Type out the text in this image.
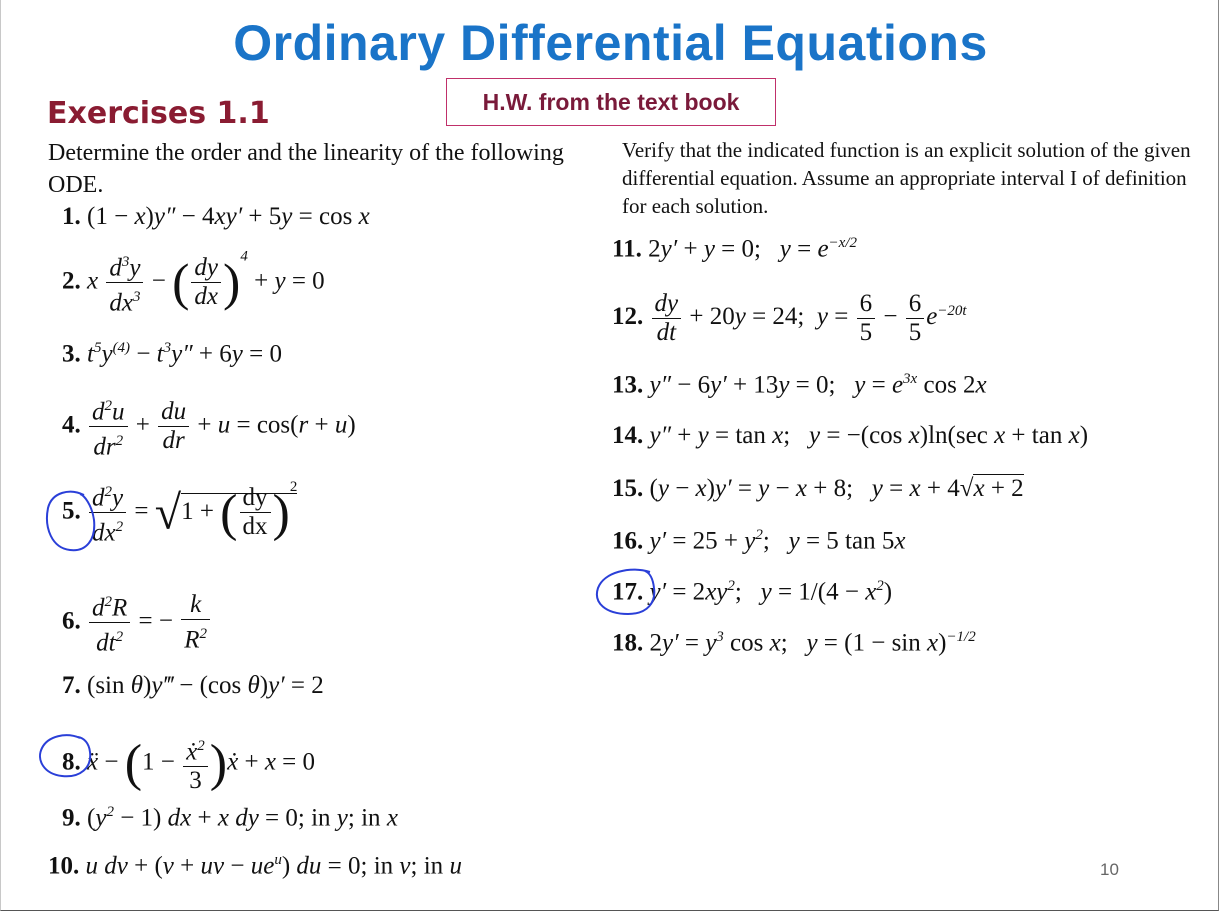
Ordinary Differential Equations
H.W. from the text book
Exercises 1.1
Determine the order and the linearity of the following ODE.
Verify that the indicated function is an explicit solution of the given differential equation. Assume an appropriate interval I of definition for each solution.
1. (1 − x)y″ − 4xy′ + 5y = cos x
2. x $\frac{d^3y}{dx^3}$ − ( $\frac{dy}{dx} )^4 + y = 0$
3. $t^5y^{(4)} - t^3y'' + 6y = 0$
4. $\frac{d^2u}{dr^2} + \frac{du}{dr} + u = \cos(r + u)$
5. $\frac{d^2y}{dx^2} = √1$ + ( $\frac{dy}{dx} )^2$
6. $\frac{d^2R}{dt^2}$ = − $\frac{k}{R^2}$
7. (sin θ)y‴ − (cos θ)y′ = 2
8. ẍ − ($1 - \frac{ẋ^2}{3}$ )ẋ + x = 0
9. $(y^2 - 1)$ dx + x dy = 0; in y; in x
10. u dv + (v + uv − $ue^u$) du = 0; in v; in u
11. 2y′ + y = 0;   $y = e^{-x/2}$
12. $\frac{dy}{dt} + 20y = 24$;  $y = \frac{6}{5} - \frac{6}{5} e^{-20t}$
13. y″ − 6y′ + 13y = 0;   $y = e^{3x}$ cos 2x
14. y″ + y = tan x;   y = −(cos x)ln(sec x + tan x)
15. (y − x)y′ = y − x + 8;   y = x + 4√x + 2
16. $y' = 25 + y^2$;   y = 5 tan 5x
17. $y' = 2xy^2$;   $y = 1/(4 - x^2)$
18. $2y' = y^3$ cos x;   $y = (1 - \sin x)^{-1/2}$
10
